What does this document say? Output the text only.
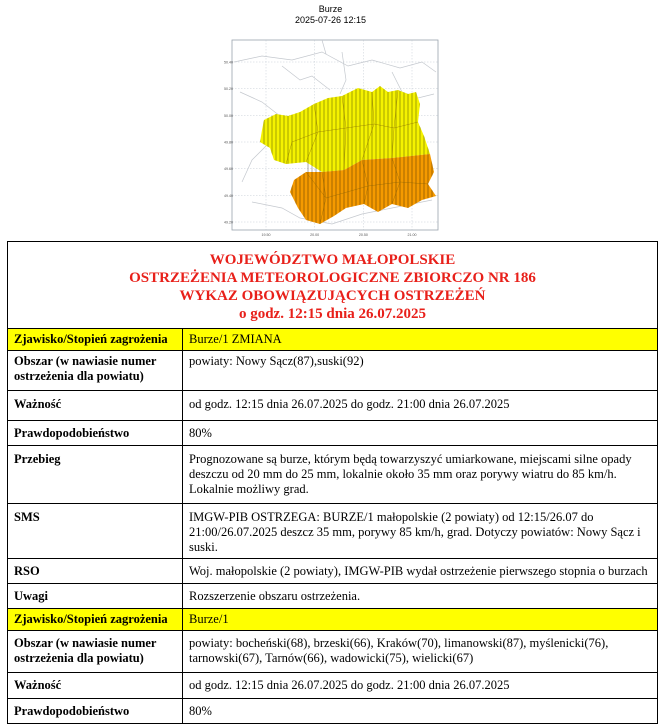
Burze
2025-07-26 12:15
50.40
50.20
50.00
49.80
49.60
49.40
49.20
19.50	20.00	20.50	21.00
WOJEWÓDZTWO MAŁOPOLSKIE
OSTRZEŻENIA METEOROLOGICZNE ZBIORCZO NR 186
WYKAZ OBOWIĄZUJĄCYCH OSTRZEŻEŃ
o godz. 12:15 dnia 26.07.2025
Zjawisko/Stopień zagrożenia	Burze/1 ZMIANA
Obszar (w nawiasie numer ostrzeżenia dla powiatu)	powiaty: Nowy Sącz(87),suski(92)
Ważność	od godz. 12:15 dnia 26.07.2025 do godz. 21:00 dnia 26.07.2025
Prawdopodobieństwo	80%
Przebieg	Prognozowane są burze, którym będą towarzyszyć umiarkowane, miejscami silne opady deszczu od 20 mm do 25 mm, lokalnie około 35 mm oraz porywy wiatru do 85 km/h. Lokalnie możliwy grad.
SMS	IMGW-PIB OSTRZEGA: BURZE/1 małopolskie (2 powiaty) od 12:15/26.07 do 21:00/26.07.2025 deszcz 35 mm, porywy 85 km/h, grad. Dotyczy powiatów: Nowy Sącz i suski.
RSO	Woj. małopolskie (2 powiaty), IMGW-PIB wydał ostrzeżenie pierwszego stopnia o burzach
Uwagi	Rozszerzenie obszaru ostrzeżenia.
Zjawisko/Stopień zagrożenia	Burze/1
Obszar (w nawiasie numer ostrzeżenia dla powiatu)	powiaty: bocheński(68), brzeski(66), Kraków(70), limanowski(87), myślenicki(76), tarnowski(67), Tarnów(66), wadowicki(75), wielicki(67)
Ważność	od godz. 12:15 dnia 26.07.2025 do godz. 21:00 dnia 26.07.2025
Prawdopodobieństwo	80%
